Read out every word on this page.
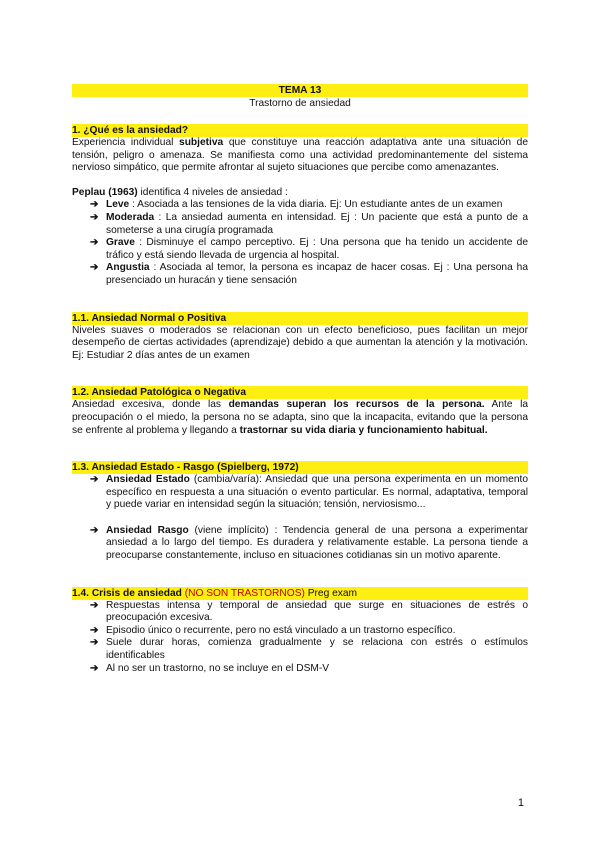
TEMA 13
Trastorno de ansiedad
1. ¿Qué es la ansiedad?

Experiencia individual subjetiva que constituye una reacción adaptativa ante una situación de tensión, peligro o amenaza. Se manifiesta como una actividad predominantemente del sistema nervioso simpático, que permite afrontar al sujeto situaciones que percibe como amenazantes.

Peplau (1963) identifica 4 niveles de ansiedad :

➔ Leve : Asociada a las tensiones de la vida diaria. Ej: Un estudiante antes de un examen
➔ Moderada : La ansiedad aumenta en intensidad. Ej : Un paciente que está a punto de a someterse a una cirugía programada
➔ Grave : Disminuye el campo perceptivo. Ej : Una persona que ha tenido un accidente de tráfico y está siendo llevada de urgencia al hospital.
➔ Angustia : Asociada al temor, la persona es incapaz de hacer cosas. Ej : Una persona ha presenciado un huracán y tiene sensación
1.1. Ansiedad Normal o Positiva

Niveles suaves o moderados se relacionan con un efecto beneficioso, pues facilitan un mejor desempeño de ciertas actividades (aprendizaje) debido a que aumentan la atención y la motivación. Ej: Estudiar 2 días antes de un examen

1.2. Ansiedad Patológica o Negativa

Ansiedad excesiva, donde las demandas superan los recursos de la persona. Ante la preocupación o el miedo, la persona no se adapta, sino que la incapacita, evitando que la persona se enfrente al problema y llegando a trastornar su vida diaria y funcionamiento habitual.

1.3. Ansiedad Estado - Rasgo (Spielberg, 1972)
➔ Ansiedad Estado (cambia/varía): Ansiedad que una persona experimenta en un momento específico en respuesta a una situación o evento particular. Es normal, adaptativa, temporal y puede variar en intensidad según la situación; tensión, nerviosismo...
➔ Ansiedad Rasgo (viene implícito) : Tendencia general de una persona a experimentar ansiedad a lo largo del tiempo. Es duradera y relativamente estable. La persona tiende a preocuparse constantemente, incluso en situaciones cotidianas sin un motivo aparente.
1.4. Crisis de ansiedad (NO SON TRASTORNOS) Preg exam
➔ Respuestas intensa y temporal de ansiedad que surge en situaciones de estrés o preocupación excesiva.
➔ Episodio único o recurrente, pero no está vinculado a un trastorno específico.
➔ Suele durar horas, comienza gradualmente y se relaciona con estrés o estímulos identificables
➔ Al no ser un trastorno, no se incluye en el DSM-V
1
